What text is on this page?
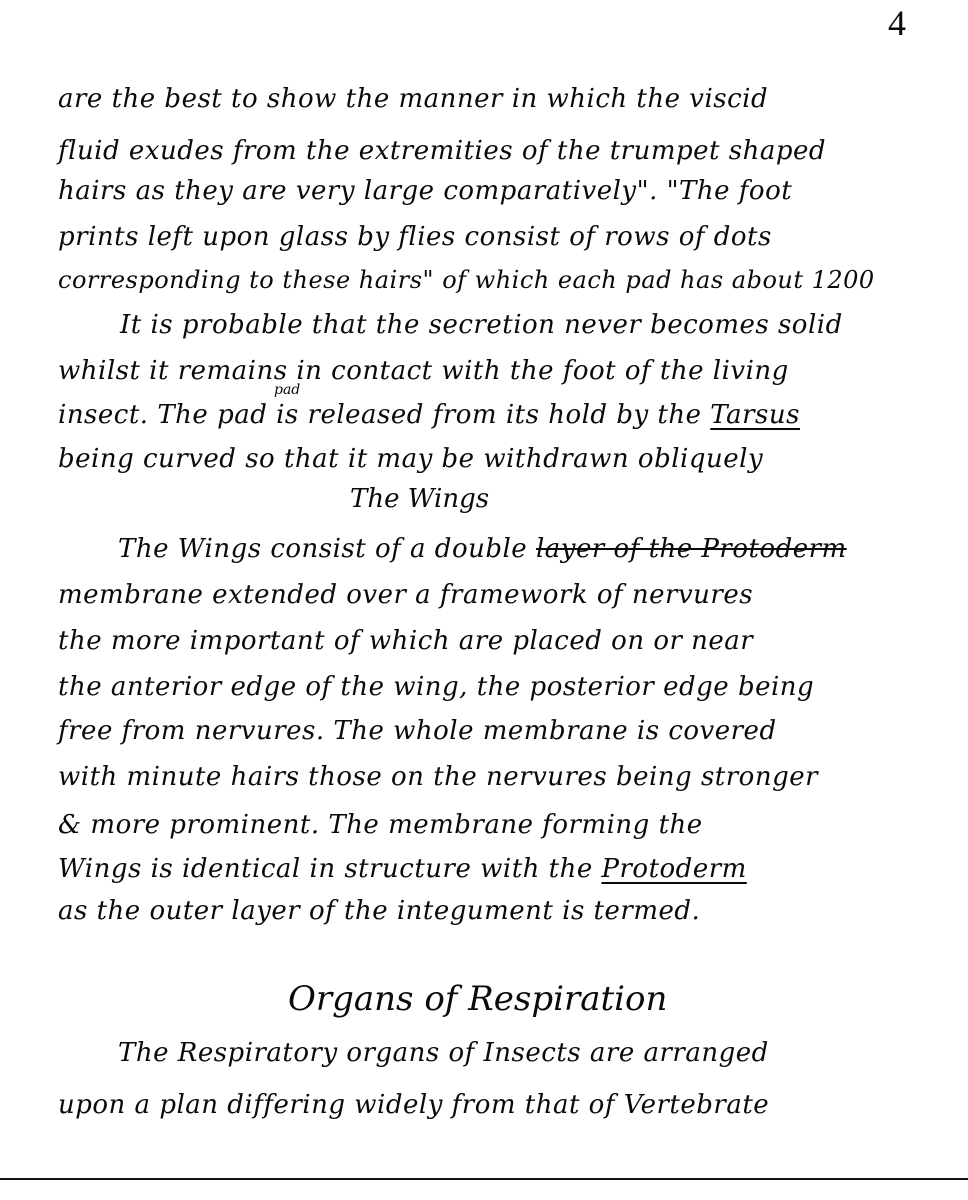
4
are the best to show the manner in which the viscid
fluid exudes from the extremities of the trumpet shaped
hairs as they are very large comparatively". "The foot
prints left upon glass by flies consist of rows of dots
corresponding to these hairs" of which each pad has about 1200
It is probable that the secretion never becomes solid
whilst it remains in contact with the foot of the living
pad
insect. The pad is released from its hold by the Tarsus
being curved so that it may be withdrawn obliquely
The Wings
The Wings consist of a double layer of the Protoderm
membrane extended over a framework of nervures
the more important of which are placed on or near
the anterior edge of the wing, the posterior edge being
free from nervures. The whole membrane is covered
with minute hairs those on the nervures being stronger
& more prominent. The membrane forming the
Wings is identical in structure with the Protoderm
as the outer layer of the integument is termed.
Organs of Respiration
The Respiratory organs of Insects are arranged
upon a plan differing widely from that of Vertebrate
